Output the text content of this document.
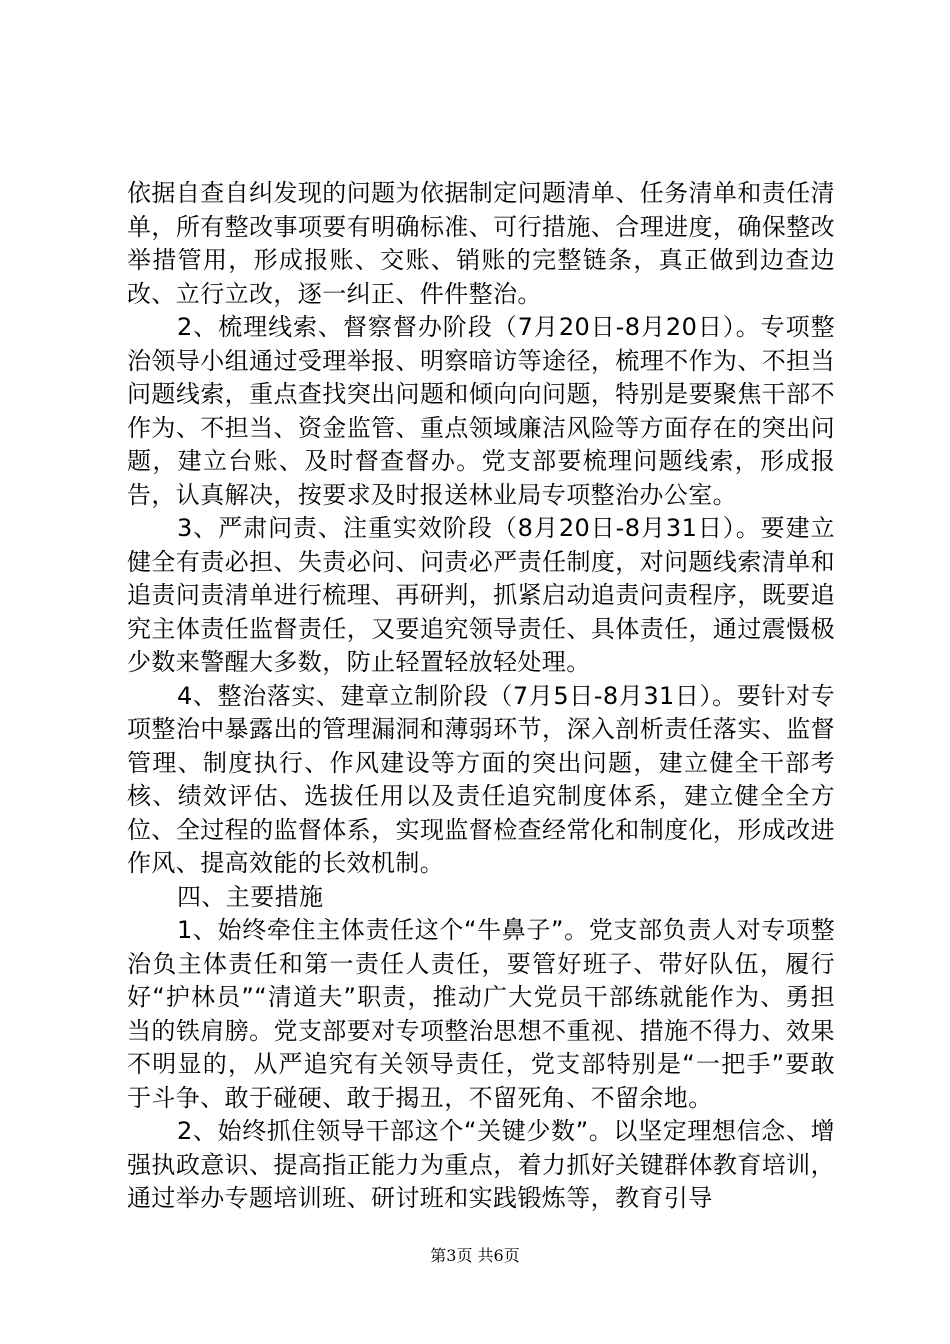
依据自查自纠发现的问题为依据制定问题清单、任务清单和责任清单，所有整改事项要有明确标准、可行措施、合理进度，确保整改举措管用，形成报账、交账、销账的完整链条，真正做到边查边改、立行立改，逐一纠正、件件整治。

2、梳理线索、督察督办阶段（7月20日-8月20日）。专项整治领导小组通过受理举报、明察暗访等途径，梳理不作为、不担当问题线索，重点查找突出问题和倾向向问题，特别是要聚焦干部不作为、不担当、资金监管、重点领域廉洁风险等方面存在的突出问题，建立台账、及时督查督办。党支部要梳理问题线索，形成报告，认真解决，按要求及时报送林业局专项整治办公室。

3、严肃问责、注重实效阶段（8月20日-8月31日）。要建立健全有责必担、失责必问、问责必严责任制度，对问题线索清单和追责问责清单进行梳理、再研判，抓紧启动追责问责程序，既要追究主体责任监督责任，又要追究领导责任、具体责任，通过震慑极少数来警醒大多数，防止轻置轻放轻处理。

4、整治落实、建章立制阶段（7月5日-8月31日）。要针对专项整治中暴露出的管理漏洞和薄弱环节，深入剖析责任落实、监督管理、制度执行、作风建设等方面的突出问题，建立健全干部考核、绩效评估、选拔任用以及责任追究制度体系，建立健全全方位、全过程的监督体系，实现监督检查经常化和制度化，形成改进作风、提高效能的长效机制。

四、主要措施

1、始终牵住主体责任这个“牛鼻子”。党支部负责人对专项整治负主体责任和第一责任人责任，要管好班子、带好队伍，履行好“护林员”“清道夫”职责，推动广大党员干部练就能作为、勇担当的铁肩膀。党支部要对专项整治思想不重视、措施不得力、效果不明显的，从严追究有关领导责任，党支部特别是“一把手”要敢于斗争、敢于碰硬、敢于揭丑，不留死角、不留余地。

2、始终抓住领导干部这个“关键少数”。以坚定理想信念、增强执政意识、提高指正能力为重点，着力抓好关键群体教育培训，通过举办专题培训班、研讨班和实践锻炼等，教育引导

第3页 共6页
